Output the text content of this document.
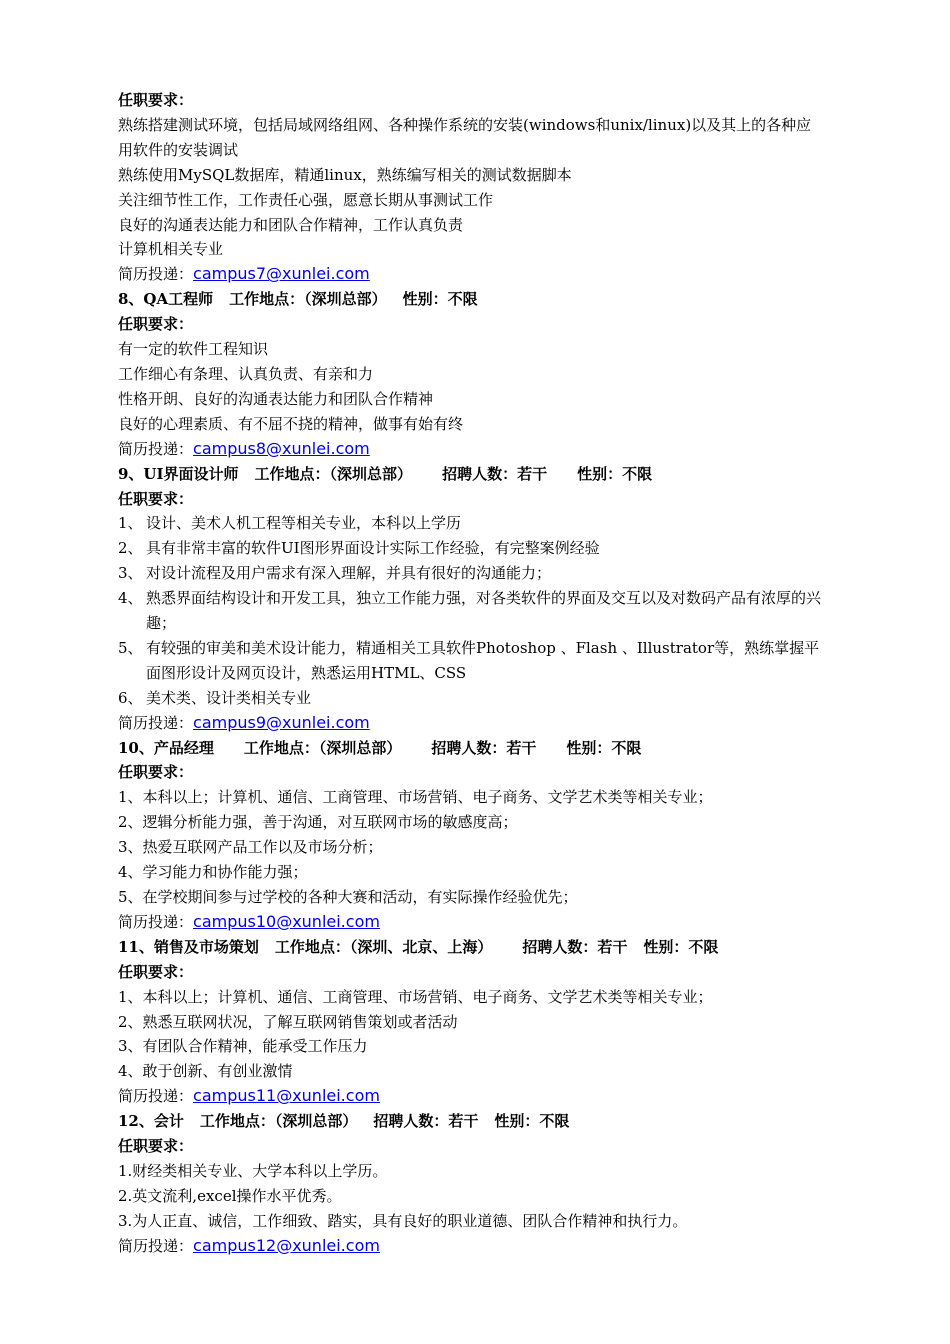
任职要求：
熟练搭建测试环境，包括局域网络组网、各种操作系统的安装(windows和unix/linux)以及其上的各种应用软件的安装调试
熟练使用MySQL数据库，精通linux，熟练编写相关的测试数据脚本
关注细节性工作，工作责任心强，愿意长期从事测试工作
良好的沟通表达能力和团队合作精神，工作认真负责
计算机相关专业
简历投递：campus7@xunlei.com
8、QA工程师 工作地点：（深圳总部） 性别：不限
任职要求：
有一定的软件工程知识
工作细心有条理、认真负责、有亲和力
性格开朗、良好的沟通表达能力和团队合作精神
良好的心理素质、有不屈不挠的精神，做事有始有终
简历投递：campus8@xunlei.com
9、UI界面设计师 工作地点：（深圳总部） 招聘人数：若干 性别：不限
任职要求：
1、 设计、美术人机工程等相关专业，本科以上学历
2、 具有非常丰富的软件UI图形界面设计实际工作经验，有完整案例经验
3、 对设计流程及用户需求有深入理解，并具有很好的沟通能力；
4、 熟悉界面结构设计和开发工具，独立工作能力强，对各类软件的界面及交互以及对数码产品有浓厚的兴趣；
5、 有较强的审美和美术设计能力，精通相关工具软件Photoshop 、Flash 、Illustrator等，熟练掌握平面图形设计及网页设计，熟悉运用HTML、CSS
6、 美术类、设计类相关专业
简历投递：campus9@xunlei.com
10、产品经理 工作地点：（深圳总部） 招聘人数：若干 性别：不限
任职要求：
1、本科以上；计算机、通信、工商管理、市场营销、电子商务、文学艺术类等相关专业；
2、逻辑分析能力强，善于沟通，对互联网市场的敏感度高；
3、热爱互联网产品工作以及市场分析；
4、学习能力和协作能力强；
5、在学校期间参与过学校的各种大赛和活动，有实际操作经验优先；
简历投递：campus10@xunlei.com
11、销售及市场策划 工作地点：（深圳、北京、上海） 招聘人数：若干 性别：不限
任职要求：
1、本科以上；计算机、通信、工商管理、市场营销、电子商务、文学艺术类等相关专业；
2、熟悉互联网状况，了解互联网销售策划或者活动
3、有团队合作精神，能承受工作压力
4、敢于创新、有创业激情
简历投递：campus11@xunlei.com
12、会计 工作地点：（深圳总部） 招聘人数：若干 性别：不限
任职要求：
1.财经类相关专业、大学本科以上学历。
2.英文流利,excel操作水平优秀。
3.为人正直、诚信，工作细致、踏实，具有良好的职业道德、团队合作精神和执行力。
简历投递：campus12@xunlei.com
